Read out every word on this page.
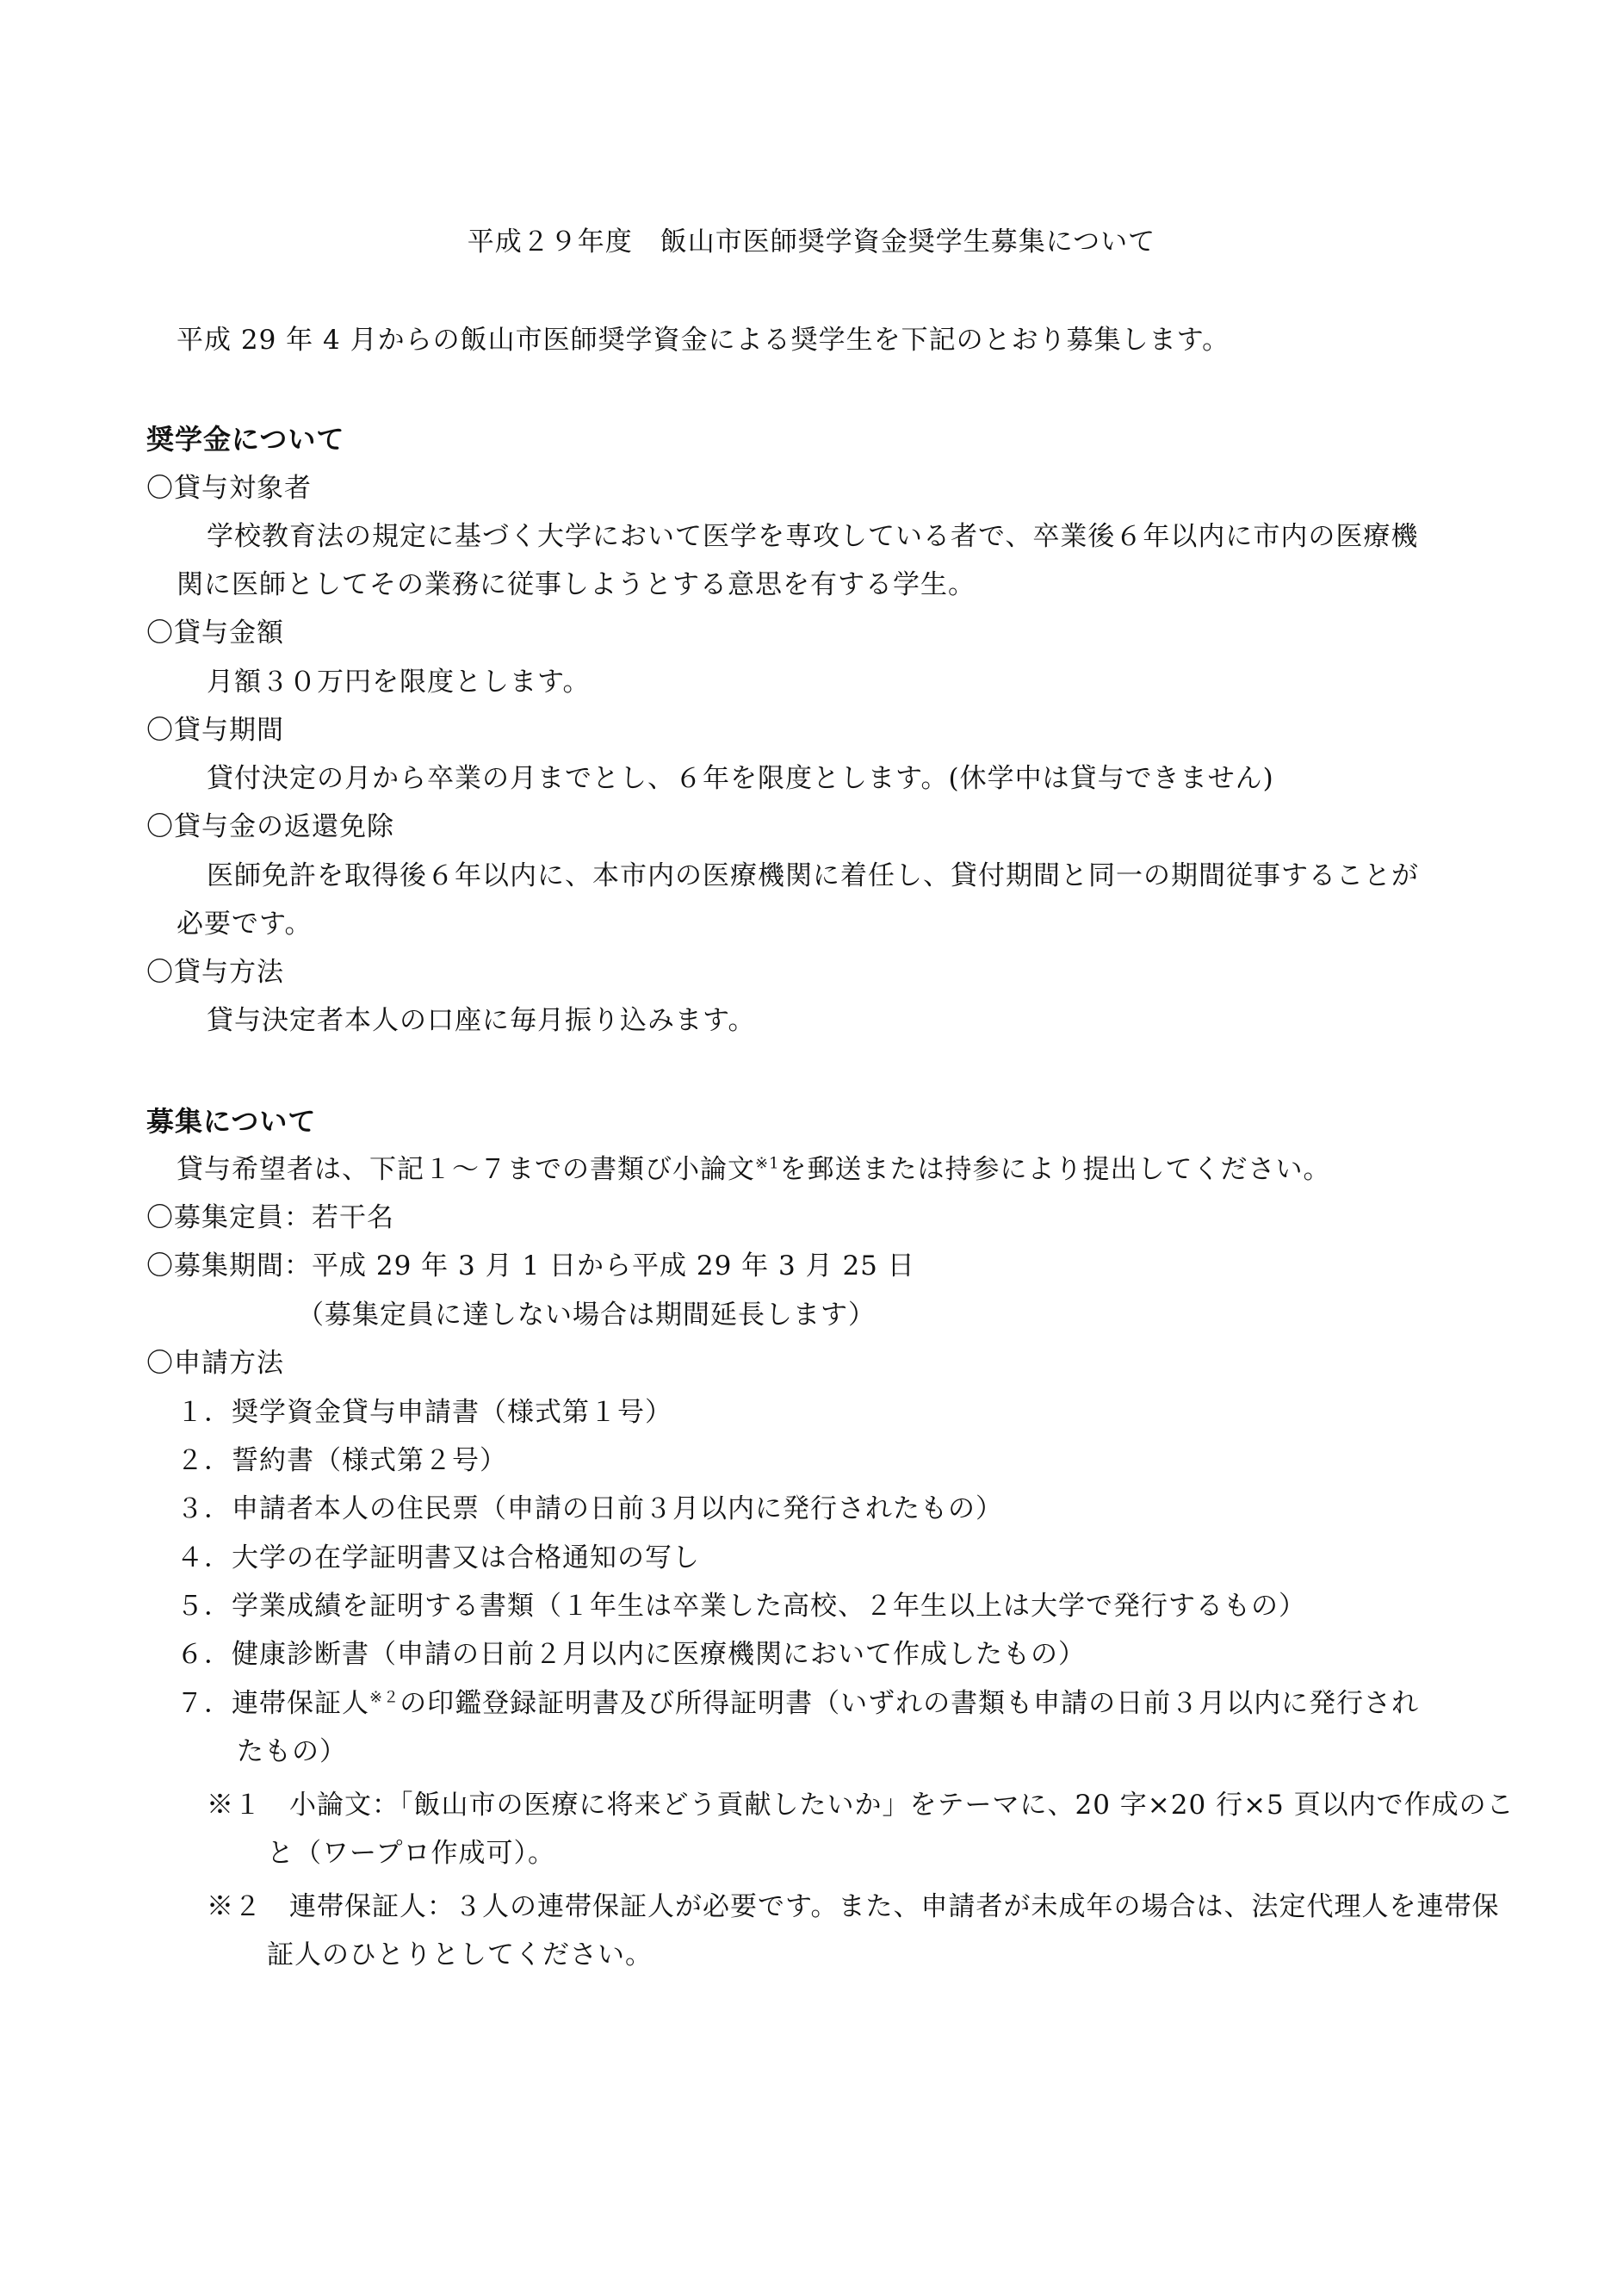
平成２９年度　飯山市医師奨学資金奨学生募集について
平成 29 年 4 月からの飯山市医師奨学資金による奨学生を下記のとおり募集します。
奨学金について
〇貸与対象者
学校教育法の規定に基づく大学において医学を専攻している者で、卒業後６年以内に市内の医療機
関に医師としてその業務に従事しようとする意思を有する学生。
〇貸与金額
月額３０万円を限度とします。
〇貸与期間
貸付決定の月から卒業の月までとし、６年を限度とします。(休学中は貸与できません)
〇貸与金の返還免除
医師免許を取得後６年以内に、本市内の医療機関に着任し、貸付期間と同一の期間従事することが
必要です。
〇貸与方法
貸与決定者本人の口座に毎月振り込みます。
募集について
貸与希望者は、下記１～７までの書類び小論文$^{※1}$を郵送または持参により提出してください。
〇募集定員：若干名
〇募集期間：平成 29 年 3 月 1 日から平成 29 年 3 月 25 日
（募集定員に達しない場合は期間延長します）
〇申請方法
１．奨学資金貸与申請書（様式第１号）
２．誓約書（様式第２号）
３．申請者本人の住民票（申請の日前３月以内に発行されたもの）
４．大学の在学証明書又は合格通知の写し
５．学業成績を証明する書類（１年生は卒業した高校、２年生以上は大学で発行するもの）
６．健康診断書（申請の日前２月以内に医療機関において作成したもの）
７．連帯保証人$^{※2}$の印鑑登録証明書及び所得証明書（いずれの書類も申請の日前３月以内に発行され
たもの）
※１　小論文：「飯山市の医療に将来どう貢献したいか」をテーマに、20 字×20 行×5 頁以内で作成のこ
と（ワープロ作成可）。
※２　連帯保証人：３人の連帯保証人が必要です。また、申請者が未成年の場合は、法定代理人を連帯保
証人のひとりとしてください。
